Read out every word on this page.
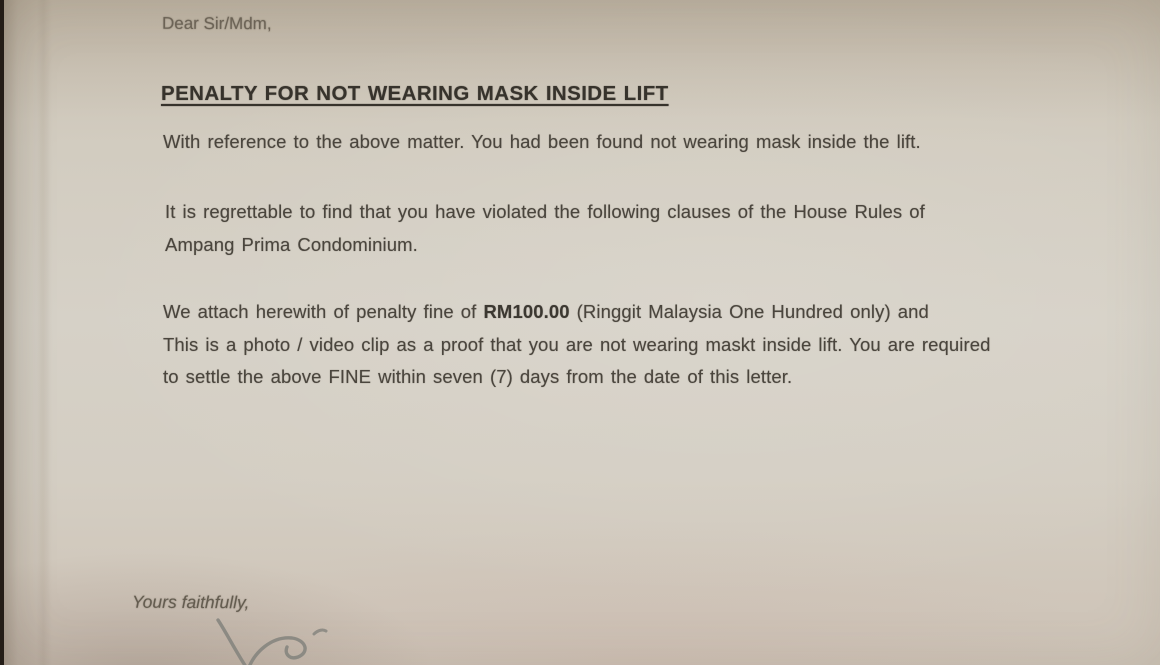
Dear Sir/Mdm,
PENALTY FOR NOT WEARING MASK INSIDE LIFT
With reference to the above matter. You had been found not wearing mask inside the lift.
It is regrettable to find that you have violated the following clauses of the House Rules of
Ampang Prima Condominium.
We attach herewith of penalty fine of RM100.00 (Ringgit Malaysia One Hundred only) and
This is a photo / video clip as a proof that you are not wearing maskt inside lift. You are required
to settle the above FINE within seven (7) days from the date of this letter.
Yours faithfully,
